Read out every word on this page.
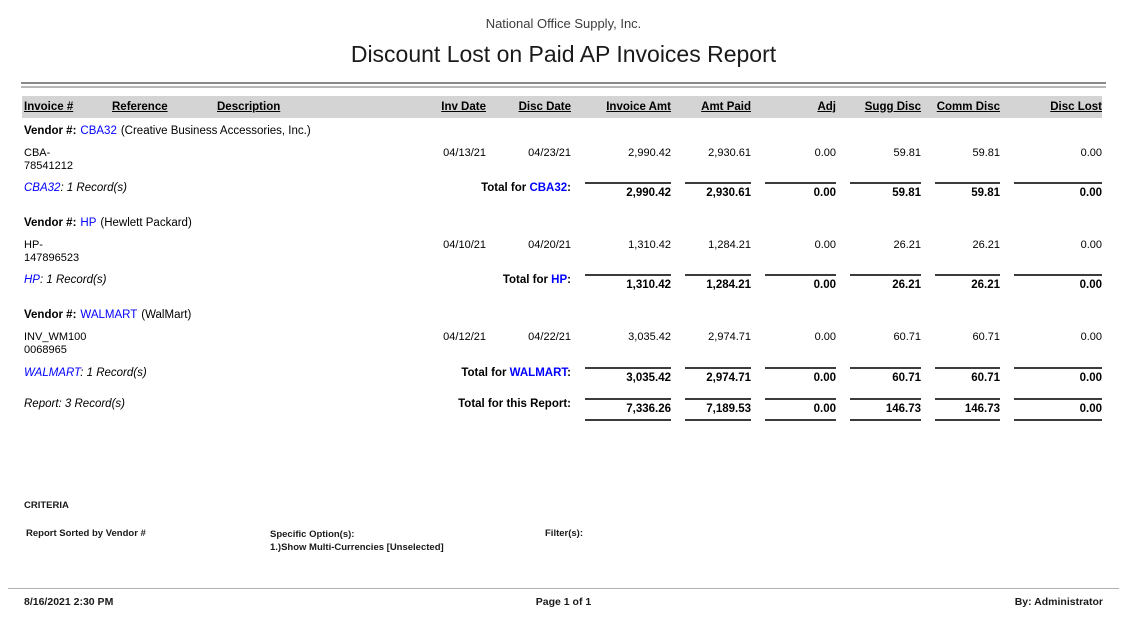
National Office Supply, Inc.
Discount Lost on Paid AP Invoices Report
Invoice #	Reference	Description	Inv Date	Disc Date	Invoice Amt	Amt Paid	Adj	Sugg Disc	Comm Disc	Disc Lost
Vendor #: CBA32 (Creative Business Accessories, Inc.)
CBA-
78541212
04/13/21	04/23/21	2,990.42	2,930.61	0.00	59.81	59.81	0.00
CBA32: 1 Record(s)	Total for CBA32:	2,990.42	2,930.61	0.00	59.81	59.81	0.00
Vendor #: HP (Hewlett Packard)
HP-
147896523
04/10/21	04/20/21	1,310.42	1,284.21	0.00	26.21	26.21	0.00
HP: 1 Record(s)	Total for HP:	1,310.42	1,284.21	0.00	26.21	26.21	0.00
Vendor #: WALMART (WalMart)
INV_WM100
0068965
04/12/21	04/22/21	3,035.42	2,974.71	0.00	60.71	60.71	0.00
WALMART: 1 Record(s)	Total for WALMART:	3,035.42	2,974.71	0.00	60.71	60.71	0.00
Report: 3 Record(s)	Total for this Report:	7,336.26	7,189.53	0.00	146.73	146.73	0.00
CRITERIA
Report Sorted by Vendor #	Specific Option(s):
1.)Show Multi-Currencies [Unselected]
Filter(s):
8/16/2021 2:30 PM	Page 1 of 1	By: Administrator
